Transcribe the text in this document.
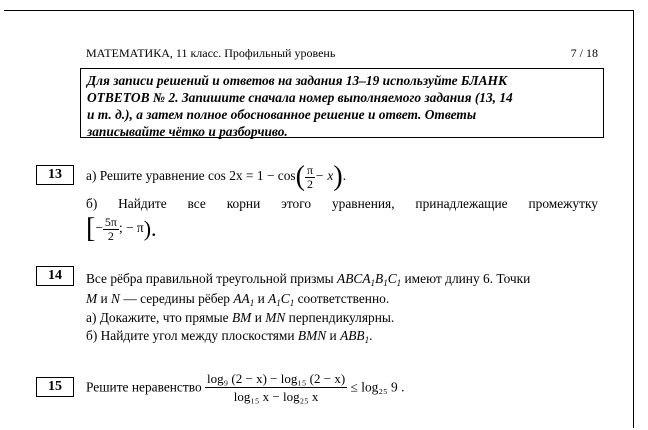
МАТЕМАТИКА, 11 класс. Профильный уровень	7 / 18
Для записи решений и ответов на задания 13–19 используйте БЛАНК
ОТВЕТОВ № 2. Запишите сначала номер выполняемого задания (13, 14
и т. д.), а затем полное обоснованное решение и ответ. Ответы
записывайте чётко и разборчиво.
13	а) Решите уравнение $\cos 2x = 1 - \cos( \frac{\pi}{2} - x)$.
б) Найдите все корни этого уравнения, принадлежащие промежутку
[− $\frac{5\pi}{2}$ ; − π).
14	Все рёбра правильной треугольной призмы $ABCA_1B_1C_1$ имеют длину 6. Точки
M и N — середины рёбер $AA_1$ и $A_1C_1$ соответственно.
а) Докажите, что прямые BM и MN перпендикулярны.
б) Найдите угол между плоскостями BMN и $ABB_1$.
15	Решите неравенство $\frac{\text{log₉ (2 − x) − log₁₅ (2 − x)}}{\text{log₁₅ x − log₂₅ x}} \le \log_{25}$ 9 .
